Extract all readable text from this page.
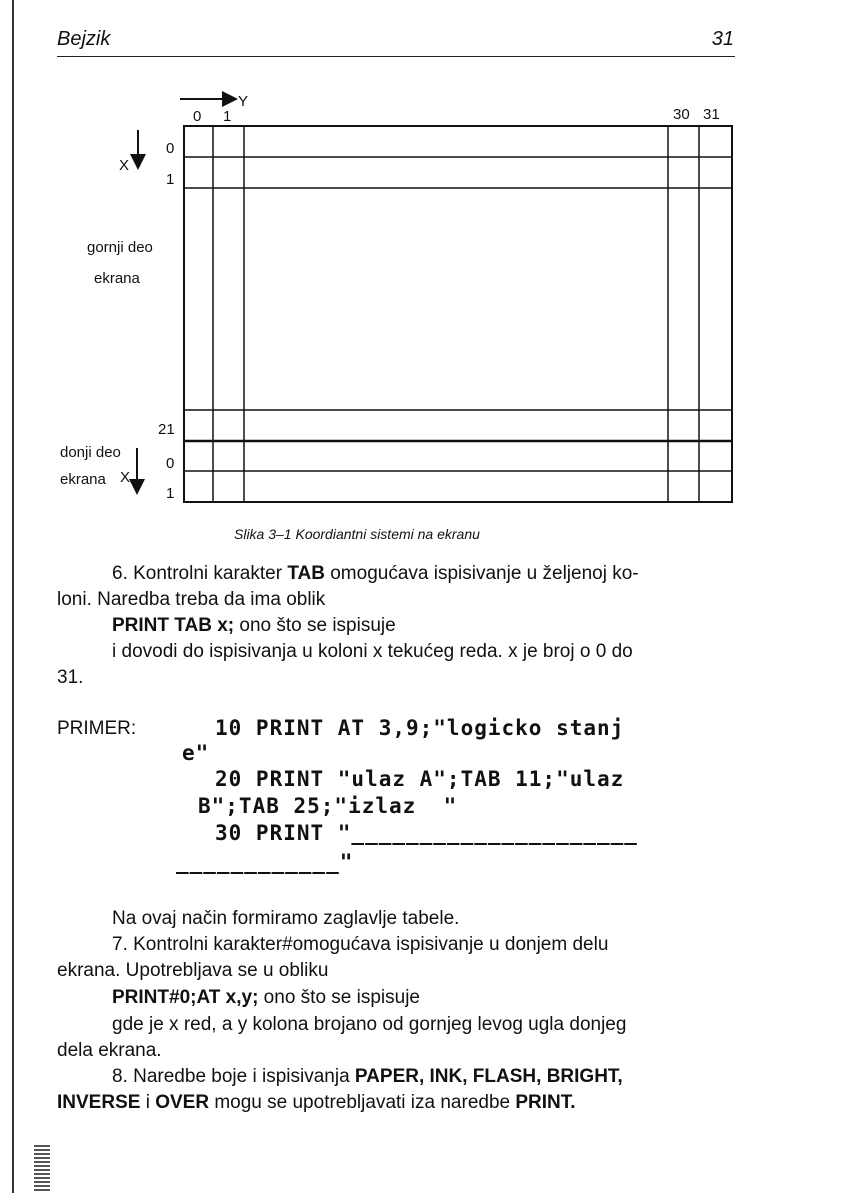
Bejzik	31
Y
0 1	30 31
X
0
1
gornji deo
ekrana
21
donji deo
ekrana X
0
1
Slika 3–1 Koordiantni sistemi na ekranu
6. Kontrolni karakter TAB omogućava ispisivanje u željenoj ko-
loni. Naredba treba da ima oblik
PRINT TAB x; ono što se ispisuje
i dovodi do ispisivanja u koloni x tekućeg reda. x je broj o 0 do
31.
PRIMER:	10 PRINT AT 3,9;"logicko stanj
e"
20 PRINT "ulaz A";TAB 11;"ulaz
B";TAB 25;"izlaz  "
30 PRINT "_____________________
____________"
Na ovaj način formiramo zaglavlje tabele.
7. Kontrolni karakter#omogućava ispisivanje u donjem delu
ekrana. Upotrebljava se u obliku
PRINT#0;AT x,y; ono što se ispisuje
gde je x red, a y kolona brojano od gornjeg levog ugla donjeg
dela ekrana.
8. Naredbe boje i ispisivanja PAPER, INK, FLASH, BRIGHT,
INVERSE i OVER mogu se upotrebljavati iza naredbe PRINT.
